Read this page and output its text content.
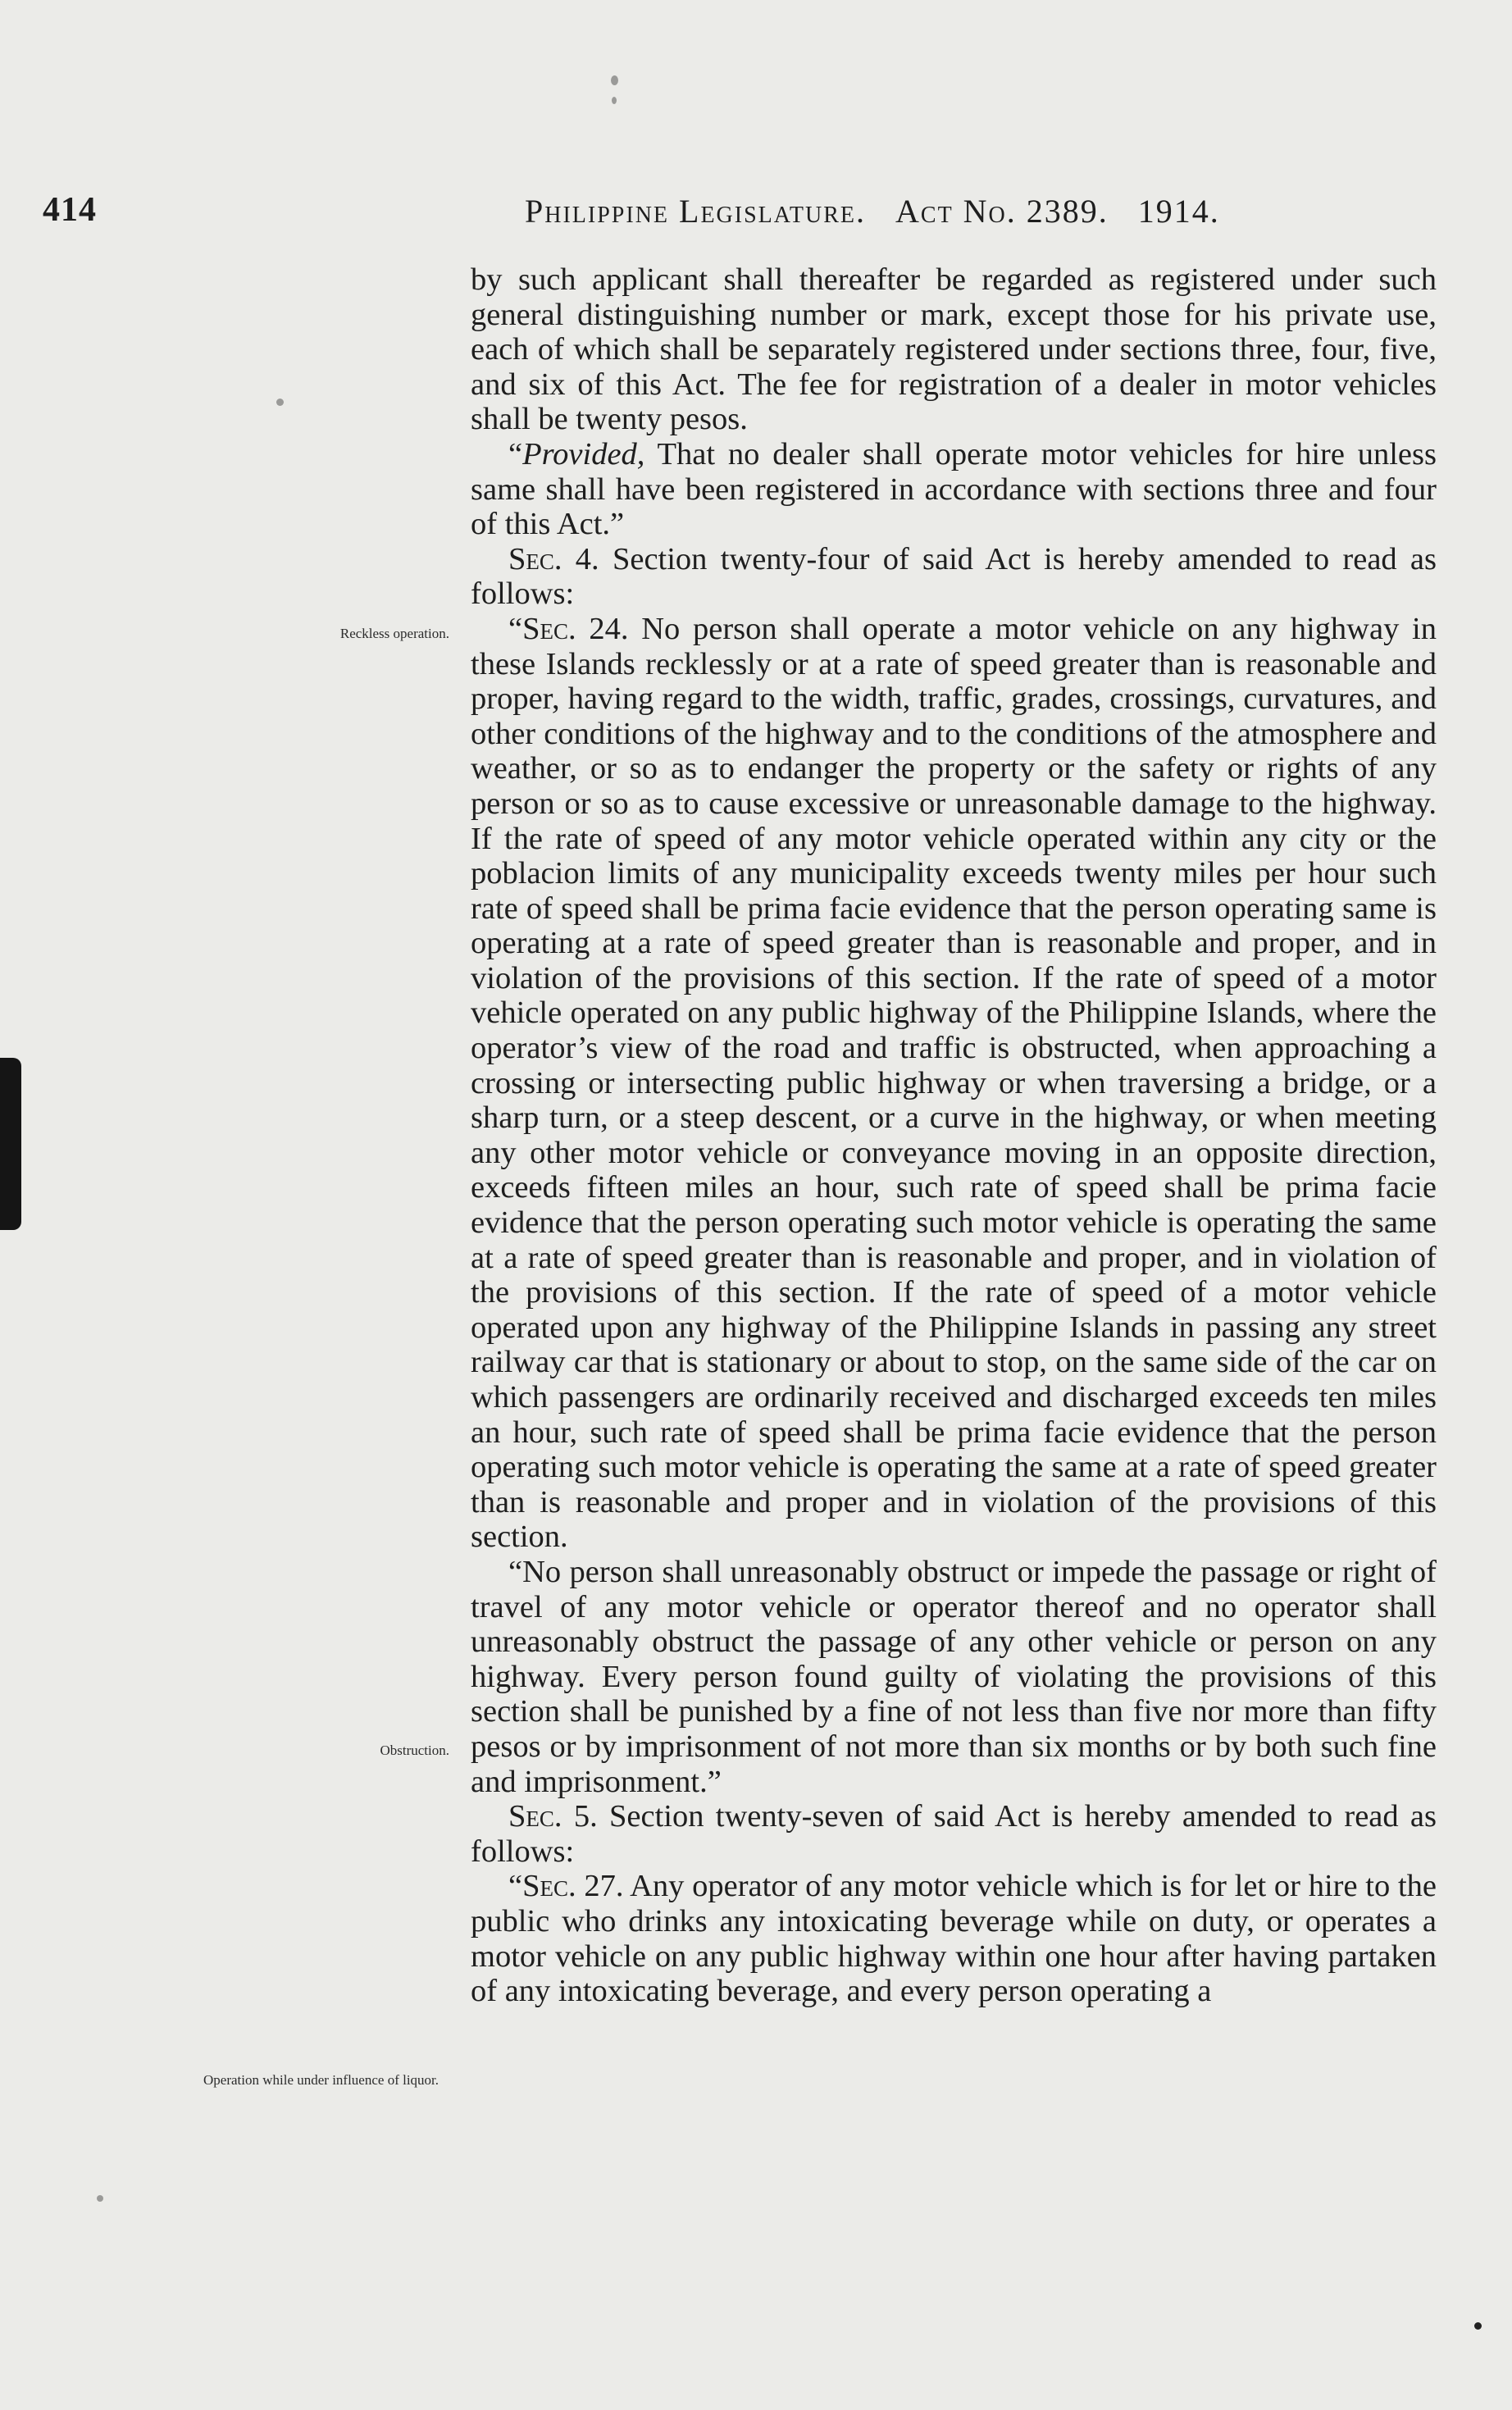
414	Philippine Legislature. Act No. 2389. 1914.
Reckless operation.
Obstruction.
Operation while under influence of liquor.

by such applicant shall thereafter be regarded as registered under such general distinguishing number or mark, except those for his private use, each of which shall be separately registered under sections three, four, five, and six of this Act. The fee for registration of a dealer in motor vehicles shall be twenty pesos.

“Provided, That no dealer shall operate motor vehicles for hire unless same shall have been registered in accordance with sections three and four of this Act.”

Sec. 4. Section twenty-four of said Act is hereby amended to read as follows:

“Sec. 24. No person shall operate a motor vehicle on any highway in these Islands recklessly or at a rate of speed greater than is reasonable and proper, having regard to the width, traffic, grades, crossings, curvatures, and other conditions of the highway and to the conditions of the atmosphere and weather, or so as to endanger the property or the safety or rights of any person or so as to cause excessive or unreasonable damage to the highway. If the rate of speed of any motor vehicle operated within any city or the poblacion limits of any municipality exceeds twenty miles per hour such rate of speed shall be prima facie evidence that the person operating same is operating at a rate of speed greater than is reasonable and proper, and in violation of the provisions of this section. If the rate of speed of a motor vehicle operated on any public highway of the Philippine Islands, where the operator’s view of the road and traffic is obstructed, when approaching a crossing or intersecting public highway or when traversing a bridge, or a sharp turn, or a steep descent, or a curve in the highway, or when meeting any other motor vehicle or conveyance moving in an opposite direction, exceeds fifteen miles an hour, such rate of speed shall be prima facie evidence that the person operating such motor vehicle is operating the same at a rate of speed greater than is reasonable and proper, and in violation of the provisions of this section. If the rate of speed of a motor vehicle operated upon any highway of the Philippine Islands in passing any street railway car that is stationary or about to stop, on the same side of the car on which passengers are ordinarily received and discharged exceeds ten miles an hour, such rate of speed shall be prima facie evidence that the person operating such motor vehicle is operating the same at a rate of speed greater than is reasonable and proper and in violation of the provisions of this section.

“No person shall unreasonably obstruct or impede the passage or right of travel of any motor vehicle or operator thereof and no operator shall unreasonably obstruct the passage of any other vehicle or person on any highway. Every person found guilty of violating the provisions of this section shall be punished by a fine of not less than five nor more than fifty pesos or by imprisonment of not more than six months or by both such fine and imprisonment.”

Sec. 5. Section twenty-seven of said Act is hereby amended to read as follows:

“Sec. 27. Any operator of any motor vehicle which is for let or hire to the public who drinks any intoxicating beverage while on duty, or operates a motor vehicle on any public highway within one hour after having partaken of any intoxicating beverage, and every person operating a
